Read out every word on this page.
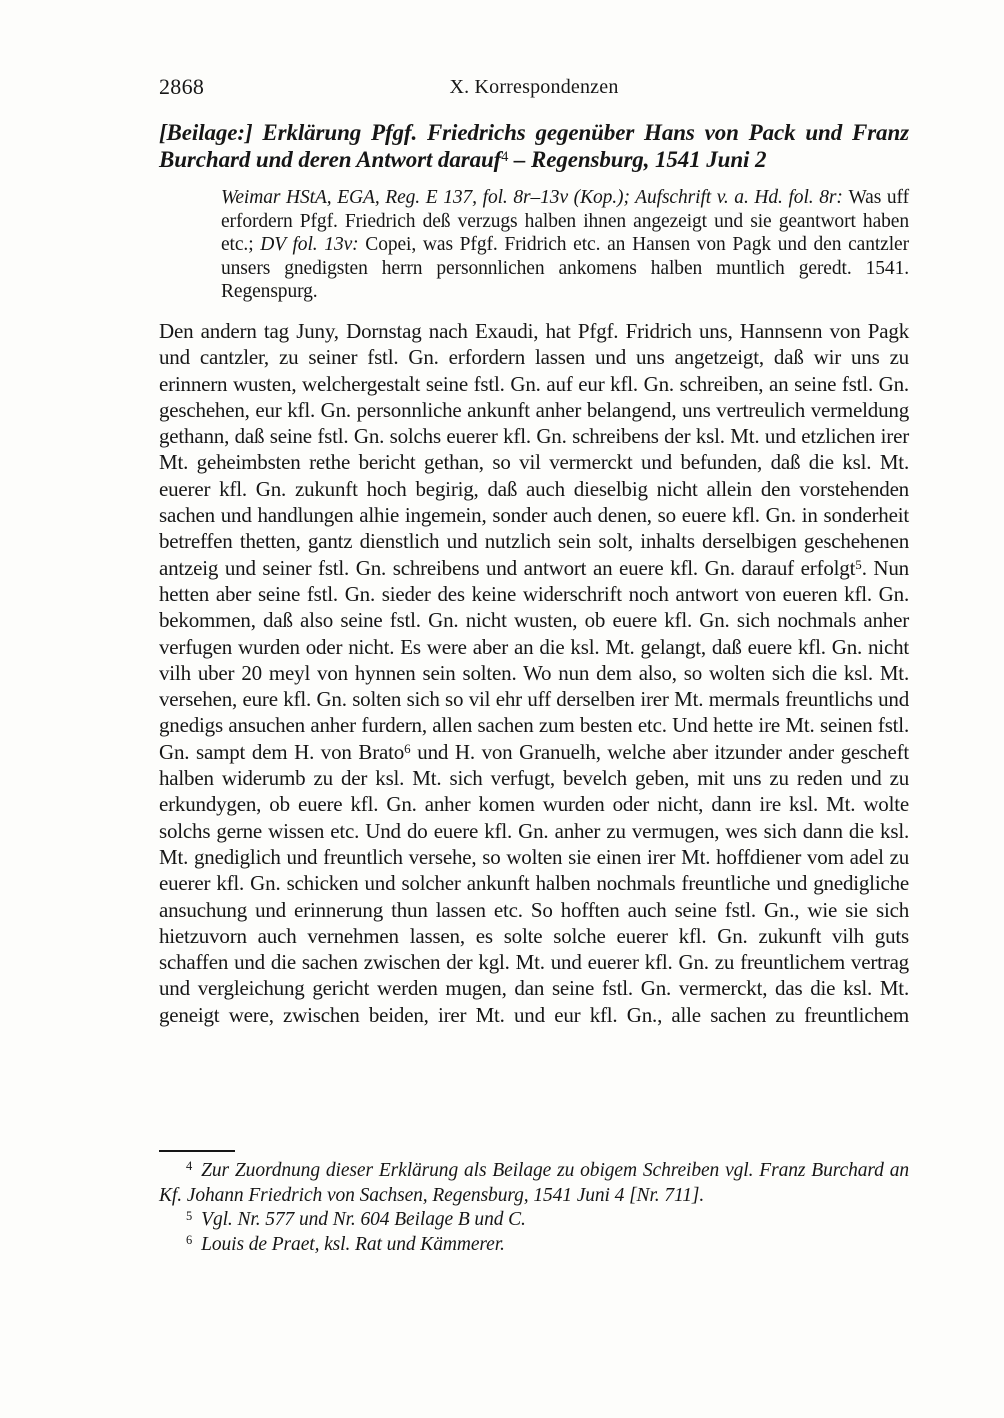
2868	X. Korrespondenzen
[Beilage:] Erklärung Pfgf. Friedrichs gegenüber Hans von Pack und Franz Burchard und deren Antwort darauf$^4$ – Regensburg, 1541 Juni 2

Weimar HStA, EGA, Reg. E 137, fol. 8r–13v (Kop.); Aufschrift v. a. Hd. fol. 8r: Was uff erfordern Pfgf. Friedrich deß verzugs halben ihnen angezeigt und sie geantwort haben etc.; DV fol. 13v: Copei, was Pfgf. Fridrich etc. an Hansen von Pagk und den cantzler unsers gnedigsten herrn personnlichen ankomens halben muntlich geredt. 1541. Regenspurg.

Den andern tag Juny, Dornstag nach Exaudi, hat Pfgf. Fridrich uns, Hannsenn von Pagk und cantzler, zu seiner fstl. Gn. erfordern lassen und uns angetzeigt, daß wir uns zu erinnern wusten, welchergestalt seine fstl. Gn. auf eur kfl. Gn. schreiben, an seine fstl. Gn. geschehen, eur kfl. Gn. personnliche ankunft anher belangend, uns vertreulich vermeldung gethann, daß seine fstl. Gn. solchs euerer kfl. Gn. schreibens der ksl. Mt. und etzlichen irer Mt. geheimbsten rethe bericht gethan, so vil vermerckt und befunden, daß die ksl. Mt. euerer kfl. Gn. zukunft hoch begirig, daß auch dieselbig nicht allein den vorstehenden sachen und handlungen alhie ingemein, sonder auch denen, so euere kfl. Gn. in sonderheit betreffen thetten, gantz dienstlich und nutzlich sein solt, inhalts derselbigen geschehenen antzeig und seiner fstl. Gn. schreibens und antwort an euere kfl. Gn. darauf erfolgt$^5$. Nun hetten aber seine fstl. Gn. sieder des keine widerschrift noch antwort von eueren kfl. Gn. bekommen, daß also seine fstl. Gn. nicht wusten, ob euere kfl. Gn. sich nochmals anher verfugen wurden oder nicht. Es were aber an die ksl. Mt. gelangt, daß euere kfl. Gn. nicht vilh uber 20 meyl von hynnen sein solten. Wo nun dem also, so wolten sich die ksl. Mt. versehen, eure kfl. Gn. solten sich so vil ehr uff derselben irer Mt. mermals freuntlichs und gnedigs ansuchen anher furdern, allen sachen zum besten etc. Und hette ire Mt. seinen fstl. Gn. sampt dem H. von Brato$^6$ und H. von Granuelh, welche aber itzunder ander gescheft halben widerumb zu der ksl. Mt. sich verfugt, bevelch geben, mit uns zu reden und zu erkundygen, ob euere kfl. Gn. anher komen wurden oder nicht, dann ire ksl. Mt. wolte solchs gerne wissen etc. Und do euere kfl. Gn. anher zu vermugen, wes sich dann die ksl. Mt. gnediglich und freuntlich versehe, so wolten sie einen irer Mt. hoffdiener vom adel zu euerer kfl. Gn. schicken und solcher ankunft halben nochmals freuntliche und gnedigliche ansuchung und erinnerung thun lassen etc. So hofften auch seine fstl. Gn., wie sie sich hietzuvorn auch vernehmen lassen, es solte solche euerer kfl. Gn. zukunft vilh guts schaffen und die sachen zwischen der kgl. Mt. und euerer kfl. Gn. zu freuntlichem vertrag und vergleichung gericht werden mugen, dan seine fstl. Gn. vermerckt, das die ksl. Mt. geneigt were, zwischen beiden, irer Mt. und eur kfl. Gn., alle sachen zu freuntlichem

$^4$ Zur Zuordnung dieser Erklärung als Beilage zu obigem Schreiben vgl. Franz Burchard an Kf. Johann Friedrich von Sachsen, Regensburg, 1541 Juni 4 [Nr. 711].

$^5$ Vgl. Nr. 577 und Nr. 604 Beilage B und C.

$^6$ Louis de Praet, ksl. Rat und Kämmerer.
